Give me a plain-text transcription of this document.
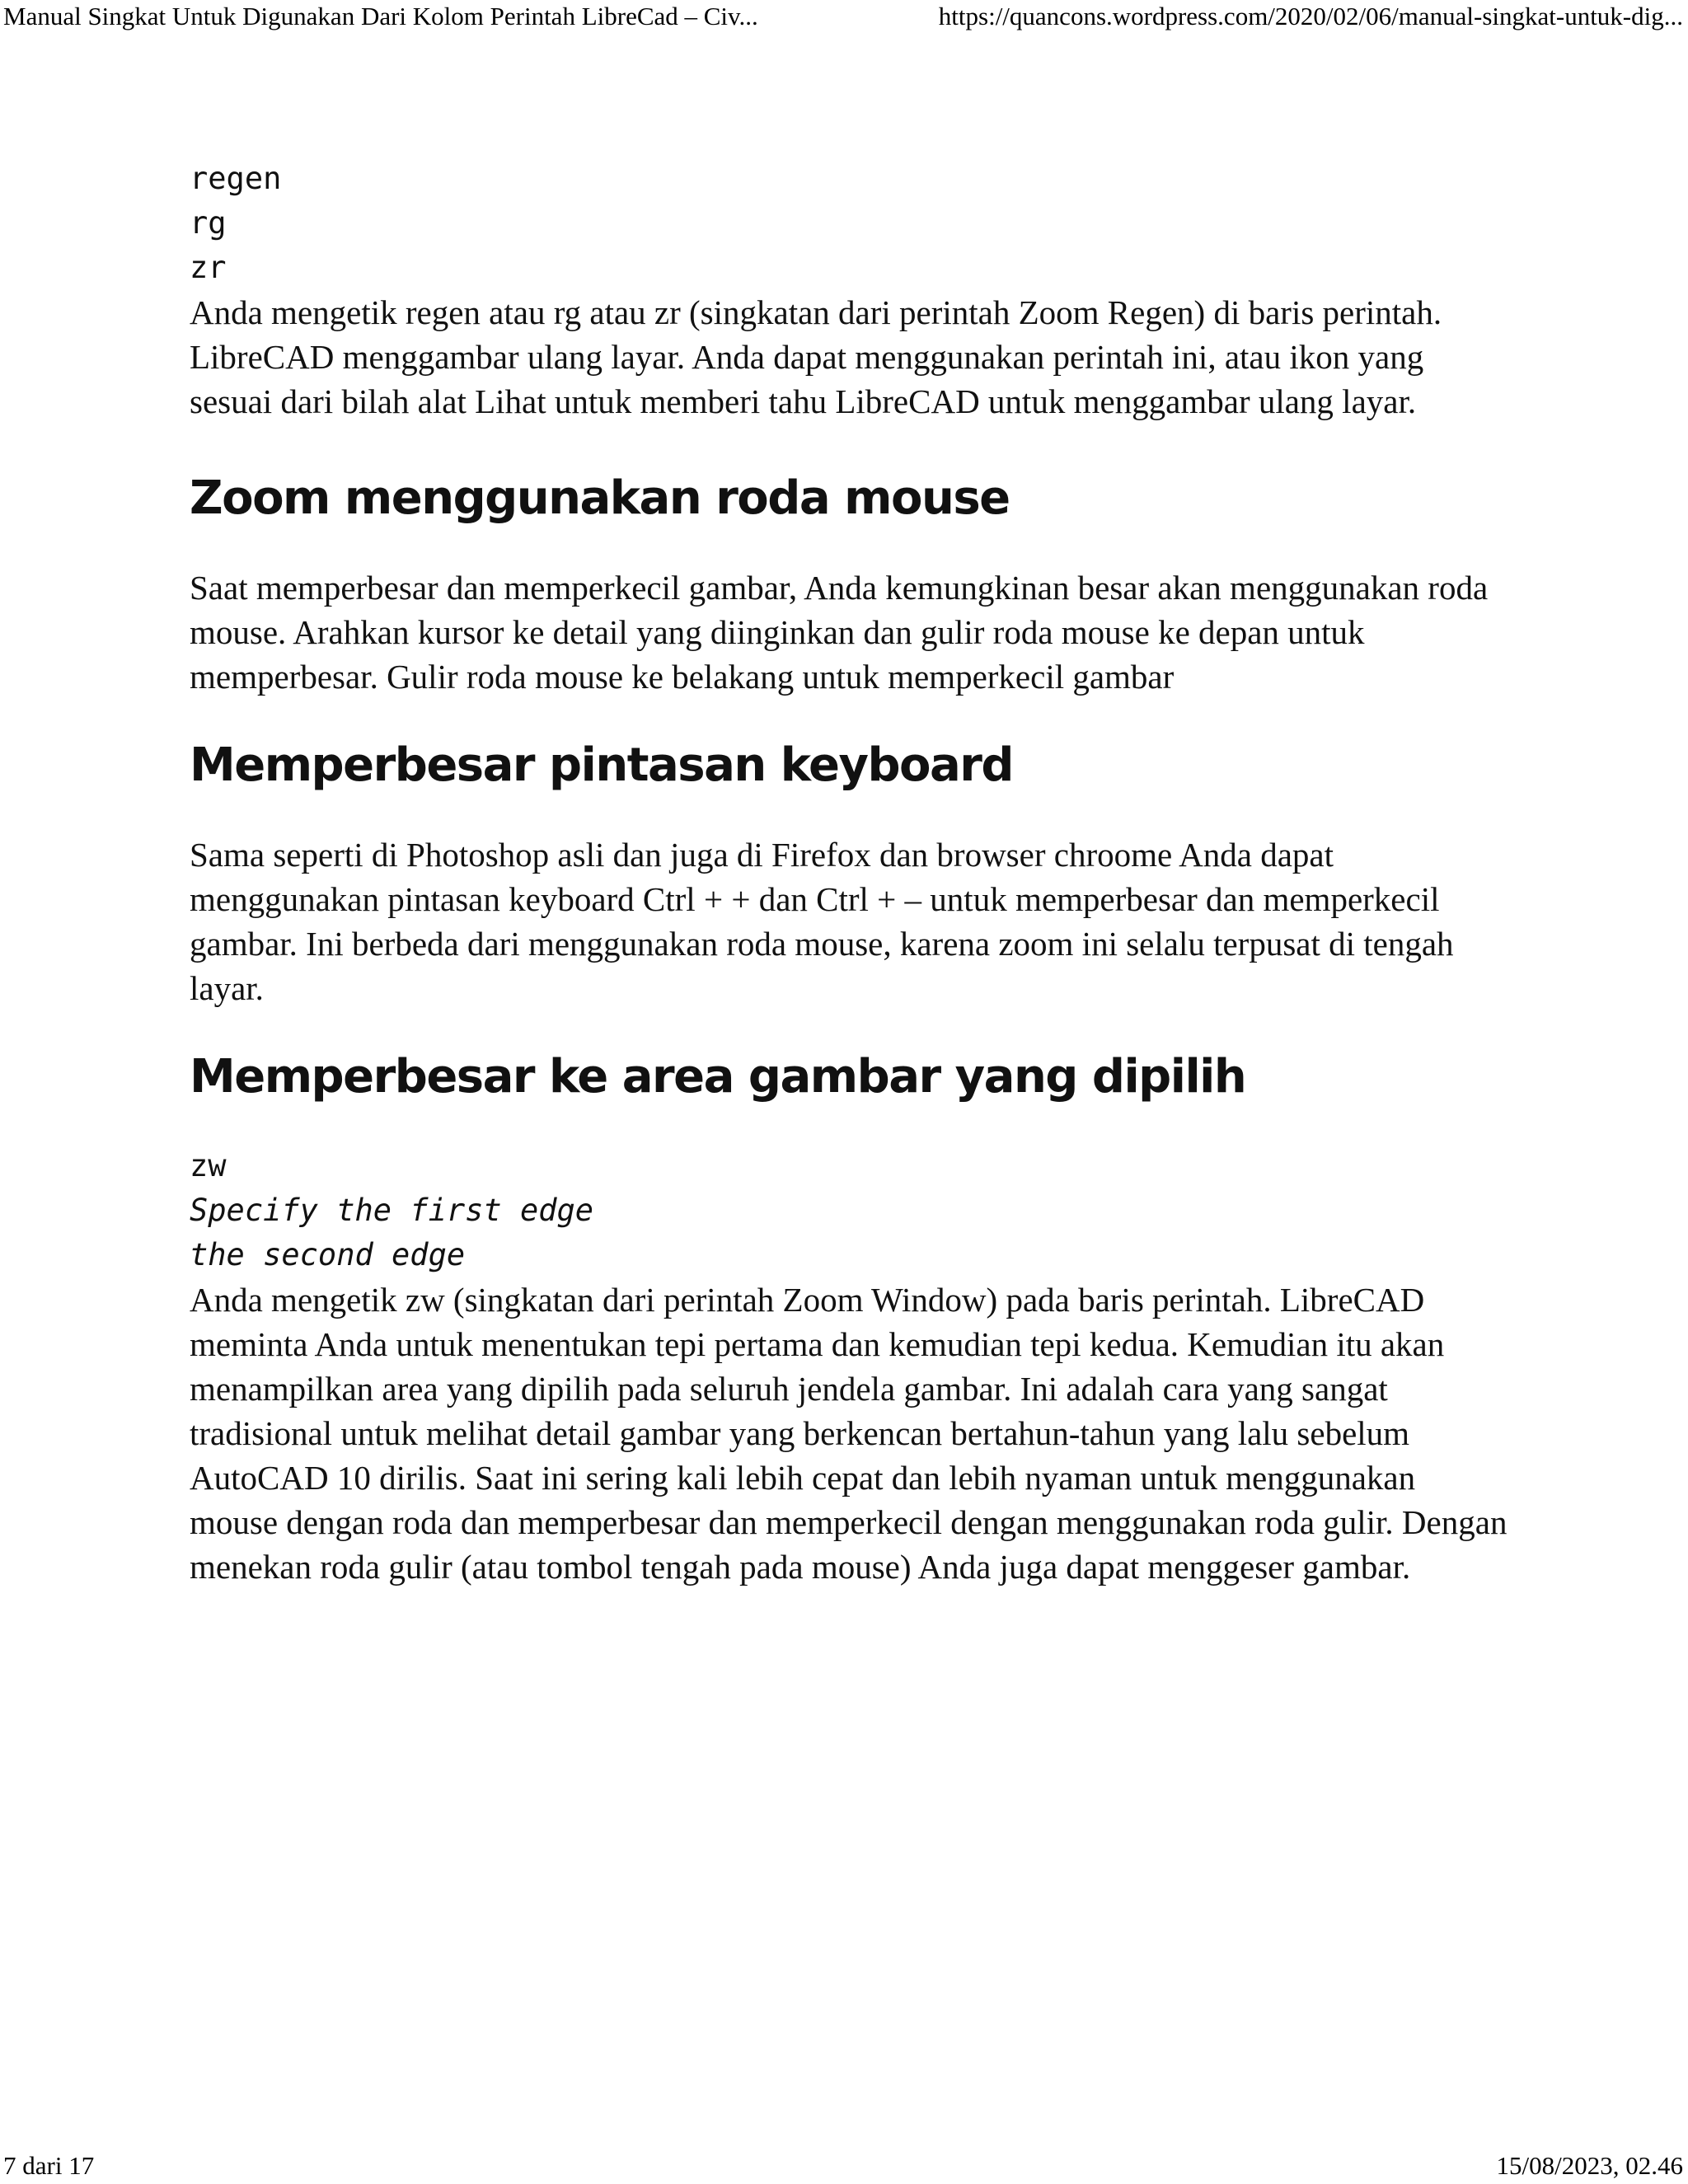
Manual Singkat Untuk Digunakan Dari Kolom Perintah LibreCad – Civ...	https://quancons.wordpress.com/2020/02/06/manual-singkat-untuk-dig...
regen
rg
zr

Anda mengetik regen atau rg atau zr (singkatan dari perintah Zoom Regen) di baris perintah. LibreCAD menggambar ulang layar. Anda dapat menggunakan perintah ini, atau ikon yang sesuai dari bilah alat Lihat untuk memberi tahu LibreCAD untuk menggambar ulang layar.

Zoom menggunakan roda mouse

Saat memperbesar dan memperkecil gambar, Anda kemungkinan besar akan menggunakan roda mouse. Arahkan kursor ke detail yang diinginkan dan gulir roda mouse ke depan untuk memperbesar. Gulir roda mouse ke belakang untuk memperkecil gambar

Memperbesar pintasan keyboard

Sama seperti di Photoshop asli dan juga di Firefox dan browser chroome Anda dapat menggunakan pintasan keyboard Ctrl + + dan Ctrl + – untuk memperbesar dan memperkecil gambar. Ini berbeda dari menggunakan roda mouse, karena zoom ini selalu terpusat di tengah layar.

Memperbesar ke area gambar yang dipilih
zw
Specify the first edge
the second edge

Anda mengetik zw (singkatan dari perintah Zoom Window) pada baris perintah. LibreCAD meminta Anda untuk menentukan tepi pertama dan kemudian tepi kedua. Kemudian itu akan menampilkan area yang dipilih pada seluruh jendela gambar. Ini adalah cara yang sangat tradisional untuk melihat detail gambar yang berkencan bertahun-tahun yang lalu sebelum AutoCAD 10 dirilis. Saat ini sering kali lebih cepat dan lebih nyaman untuk menggunakan mouse dengan roda dan memperbesar dan memperkecil dengan menggunakan roda gulir. Dengan menekan roda gulir (atau tombol tengah pada mouse) Anda juga dapat menggeser gambar.

7 dari 17	15/08/2023, 02.46
